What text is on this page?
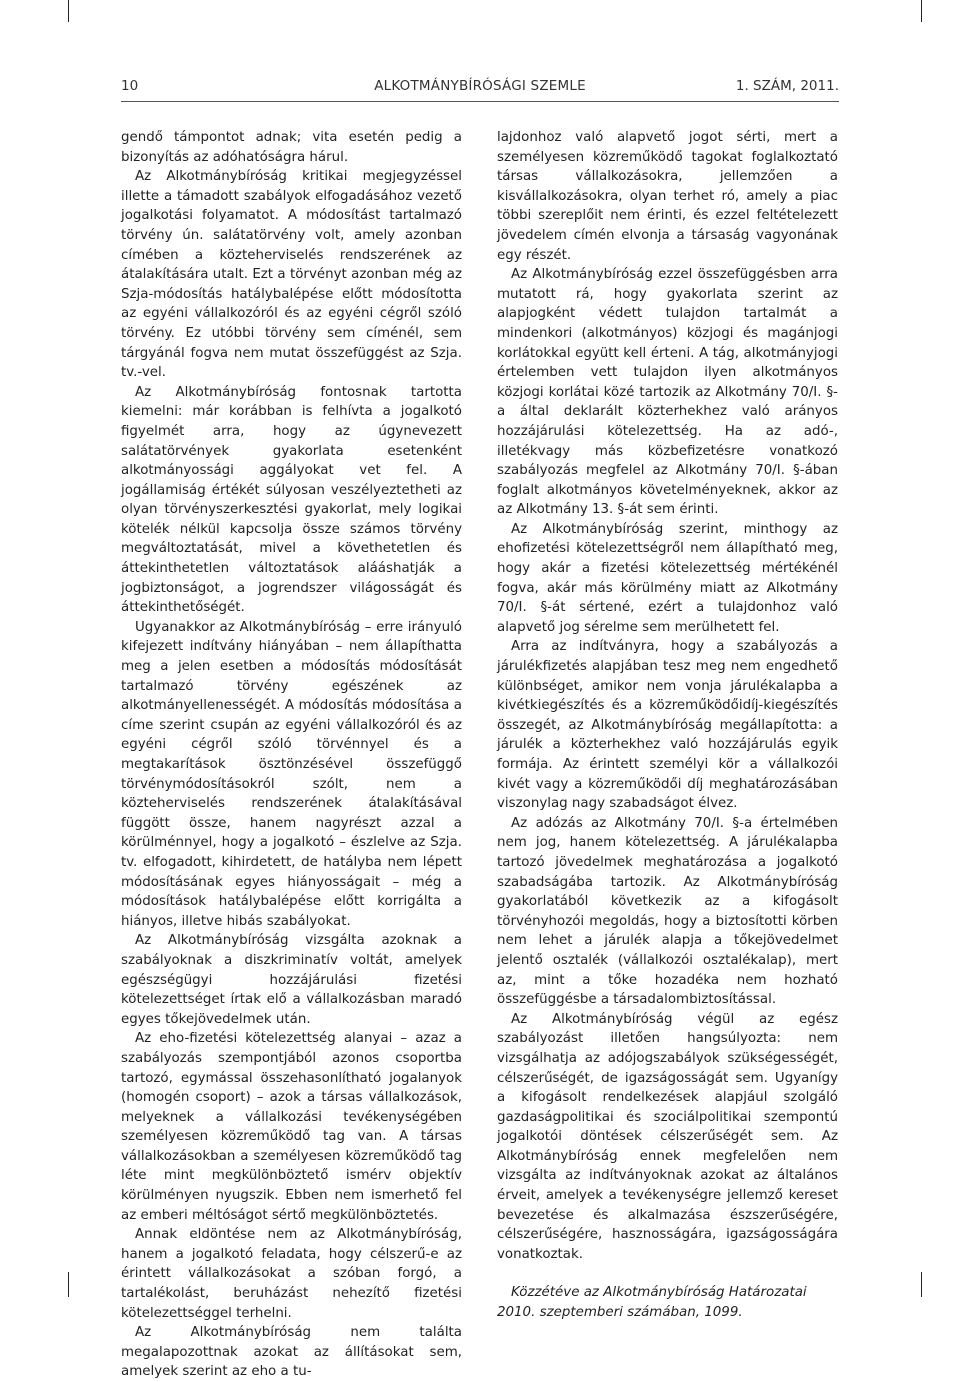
ALKOTMÁNYBÍRÓSÁGI SZEMLE
10	1. SZÁM, 2011.

gendő támpontot adnak; vita esetén pedig a bizonyítás az adóhatóságra hárul.

Az Alkotmánybíróság kritikai megjegyzéssel illette a támadott szabályok elfogadásához vezető jogalkotási folyamatot. A módosítást tartalmazó törvény ún. salátatörvény volt, amely azonban címében a közteherviselés rendszerének az átalakítására utalt. Ezt a törvényt azonban még az Szja-módosítás hatálybalépése előtt módosította az egyéni vállalkozóról és az egyéni cégről szóló törvény. Ez utóbbi törvény sem címénél, sem tárgyánál fogva nem mutat összefüggést az Szja. tv.-vel.

Az Alkotmánybíróság fontosnak tartotta kiemelni: már korábban is felhívta a jogalkotó figyelmét arra, hogy az úgynevezett salátatörvények gyakorlata esetenként alkotmányossági aggályokat vet fel. A jogállamiság értékét súlyosan veszélyeztetheti az olyan törvényszerkesztési gyakorlat, mely logikai kötelék nélkül kapcsolja össze számos törvény megváltoztatását, mivel a követhetetlen és áttekinthetetlen változtatások alááshatják a jogbiztonságot, a jogrendszer világosságát és áttekinthetőségét.

Ugyanakkor az Alkotmánybíróság – erre irányuló kifejezett indítvány hiányában – nem állapíthatta meg a jelen esetben a módosítás módosítását tartalmazó törvény egészének az alkotmányellenességét. A módosítás módosítása a címe szerint csupán az egyéni vállalkozóról és az egyéni cégről szóló törvénnyel és a megtakarítások ösztönzésével összefüggő törvénymódosításokról szólt, nem a közteherviselés rendszerének átalakításával függött össze, hanem nagyrészt azzal a körülménnyel, hogy a jogalkotó – észlelve az Szja. tv. elfogadott, kihirdetett, de hatályba nem lépett módosításának egyes hiányosságait – még a módosítások hatálybalépése előtt korrigálta a hiányos, illetve hibás szabályokat.

Az Alkotmánybíróság vizsgálta azoknak a szabályoknak a diszkriminatív voltát, amelyek egészségügyi hozzájárulási fizetési kötelezettséget írtak elő a vállalkozásban maradó egyes tőkejövedelmek után.

Az eho-fizetési kötelezettség alanyai – azaz a szabályozás szempontjából azonos csoportba tartozó, egymással összehasonlítható jogalanyok (homogén csoport) – azok a társas vállalkozások, melyeknek a vállalkozási tevékenységében személyesen közreműködő tag van. A társas vállalkozásokban a személyesen közreműködő tag léte mint megkülönböztető ismérv objektív körülményen nyugszik. Ebben nem ismerhető fel az emberi méltóságot sértő megkülönböztetés.

Annak eldöntése nem az Alkotmánybíróság, hanem a jogalkotó feladata, hogy célszerű-e az érintett vállalkozásokat a szóban forgó, a tartalékolást, beruházást nehezítő fizetési kötelezettséggel terhelni.

Az Alkotmánybíróság nem találta megalapozottnak azokat az állításokat sem, amelyek szerint az eho a tu-

lajdonhoz való alapvető jogot sérti, mert a személyesen közreműködő tagokat foglalkoztató társas vállalkozásokra, jellemzően a kisvállalkozásokra, olyan terhet ró, amely a piac többi szereplőit nem érinti, és ezzel feltételezett jövedelem címén elvonja a társaság vagyonának egy részét.

Az Alkotmánybíróság ezzel összefüggésben arra mutatott rá, hogy gyakorlata szerint az alapjogként védett tulajdon tartalmát a mindenkori (alkotmányos) közjogi és magánjogi korlátokkal együtt kell érteni. A tág, alkotmányjogi értelemben vett tulajdon ilyen alkotmányos közjogi korlátai közé tartozik az Alkotmány 70/I. §-a által deklarált közterhekhez való arányos hozzájárulási kötelezettség. Ha az adó-, illetékvagy más közbefizetésre vonatkozó szabályozás megfelel az Alkotmány 70/I. §-ában foglalt alkotmányos követelményeknek, akkor az az Alkotmány 13. §-át sem érinti.

Az Alkotmánybíróság szerint, minthogy az ehofizetési kötelezettségről nem állapítható meg, hogy akár a fizetési kötelezettség mértékénél fogva, akár más körülmény miatt az Alkotmány 70/I. §-át sértené, ezért a tulajdonhoz való alapvető jog sérelme sem merülhetett fel.

Arra az indítványra, hogy a szabályozás a járulékfizetés alapjában tesz meg nem engedhető különbséget, amikor nem vonja járulékalapba a kivétkiegészítés és a közreműködőidíj-kiegészítés összegét, az Alkotmánybíróság megállapította: a járulék a közterhekhez való hozzájárulás egyik formája. Az érintett személyi kör a vállalkozói kivét vagy a közreműködői díj meghatározásában viszonylag nagy szabadságot élvez.

Az adózás az Alkotmány 70/I. §-a értelmében nem jog, hanem kötelezettség. A járulékalapba tartozó jövedelmek meghatározása a jogalkotó szabadságába tartozik. Az Alkotmánybíróság gyakorlatából következik az a kifogásolt törvényhozói megoldás, hogy a biztosítotti körben nem lehet a járulék alapja a tőkejövedelmet jelentő osztalék (vállalkozói osztalékalap), mert az, mint a tőke hozadéka nem hozható összefüggésbe a társadalombiztosítással.

Az Alkotmánybíróság végül az egész szabályozást illetően hangsúlyozta: nem vizsgálhatja az adójogszabályok szükségességét, célszerűségét, de igazságosságát sem. Ugyanígy a kifogásolt rendelkezések alapjául szolgáló gazdaságpolitikai és szociálpolitikai szempontú jogalkotói döntések célszerűségét sem. Az Alkotmánybíróság ennek megfelelően nem vizsgálta az indítványoknak azokat az általános érveit, amelyek a tevékenységre jellemző kereset bevezetése és alkalmazása észszerűségére, célszerűségére, hasznosságára, igazságosságára vonatkoztak.

Közzétéve az Alkotmánybíróság Határozatai 2010. szeptemberi számában, 1099.
